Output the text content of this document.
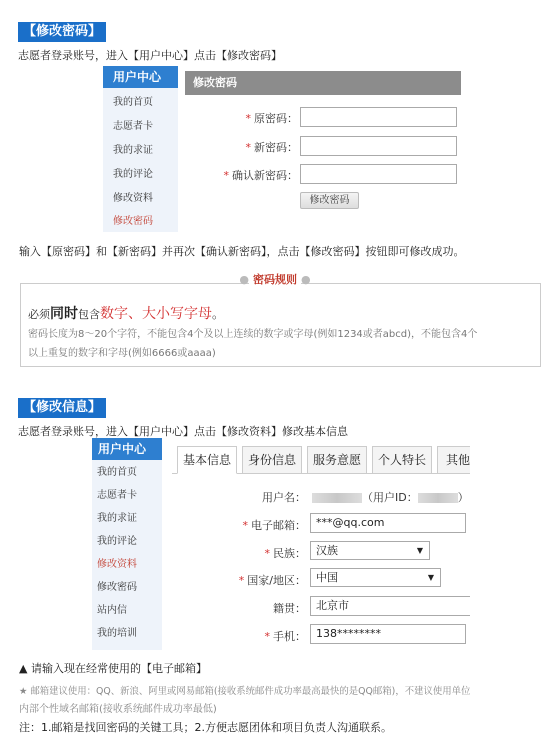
【修改密码】
志愿者登录账号，进入【用户中心】点击【修改密码】
用户中心
我的首页
志愿者卡
我的求证
我的评论
修改资料
修改密码
修改密码
* 原密码：
* 新密码：
* 确认新密码：
修改密码
输入【原密码】和【新密码】并再次【确认新密码】，点击【修改密码】按钮即可修改成功。
● 密码规则 ●
必须同时包含数字、大小写字母。
密码长度为8～20个字符，不能包含4个及以上连续的数字或字母(例如1234或者abcd)，不能包含4个
以上重复的数字和字母(例如6666或aaaa)
【修改信息】
志愿者登录账号，进入【用户中心】点击【修改资料】修改基本信息
用户中心
我的首页
志愿者卡
我的求证
我的评论
修改资料
修改密码
站内信
我的培训
基本信息	身份信息	服务意愿	个人特长	其他
用户名：	（用户ID：	）
* 电子邮箱： ***@qq.com
* 民族： 汉族	▼
* 国家/地区： 中国	▼
籍贯： 北京市
* 手机： 138********
▲ 请输入现在经常使用的【电子邮箱】
★ 邮箱建议使用：QQ、新浪、阿里或网易邮箱(接收系统邮件成功率最高最快的是QQ邮箱)，不建议使用单位
内部个性域名邮箱(接收系统邮件成功率最低)
注：1.邮箱是找回密码的关键工具；2.方便志愿团体和项目负责人沟通联系。
